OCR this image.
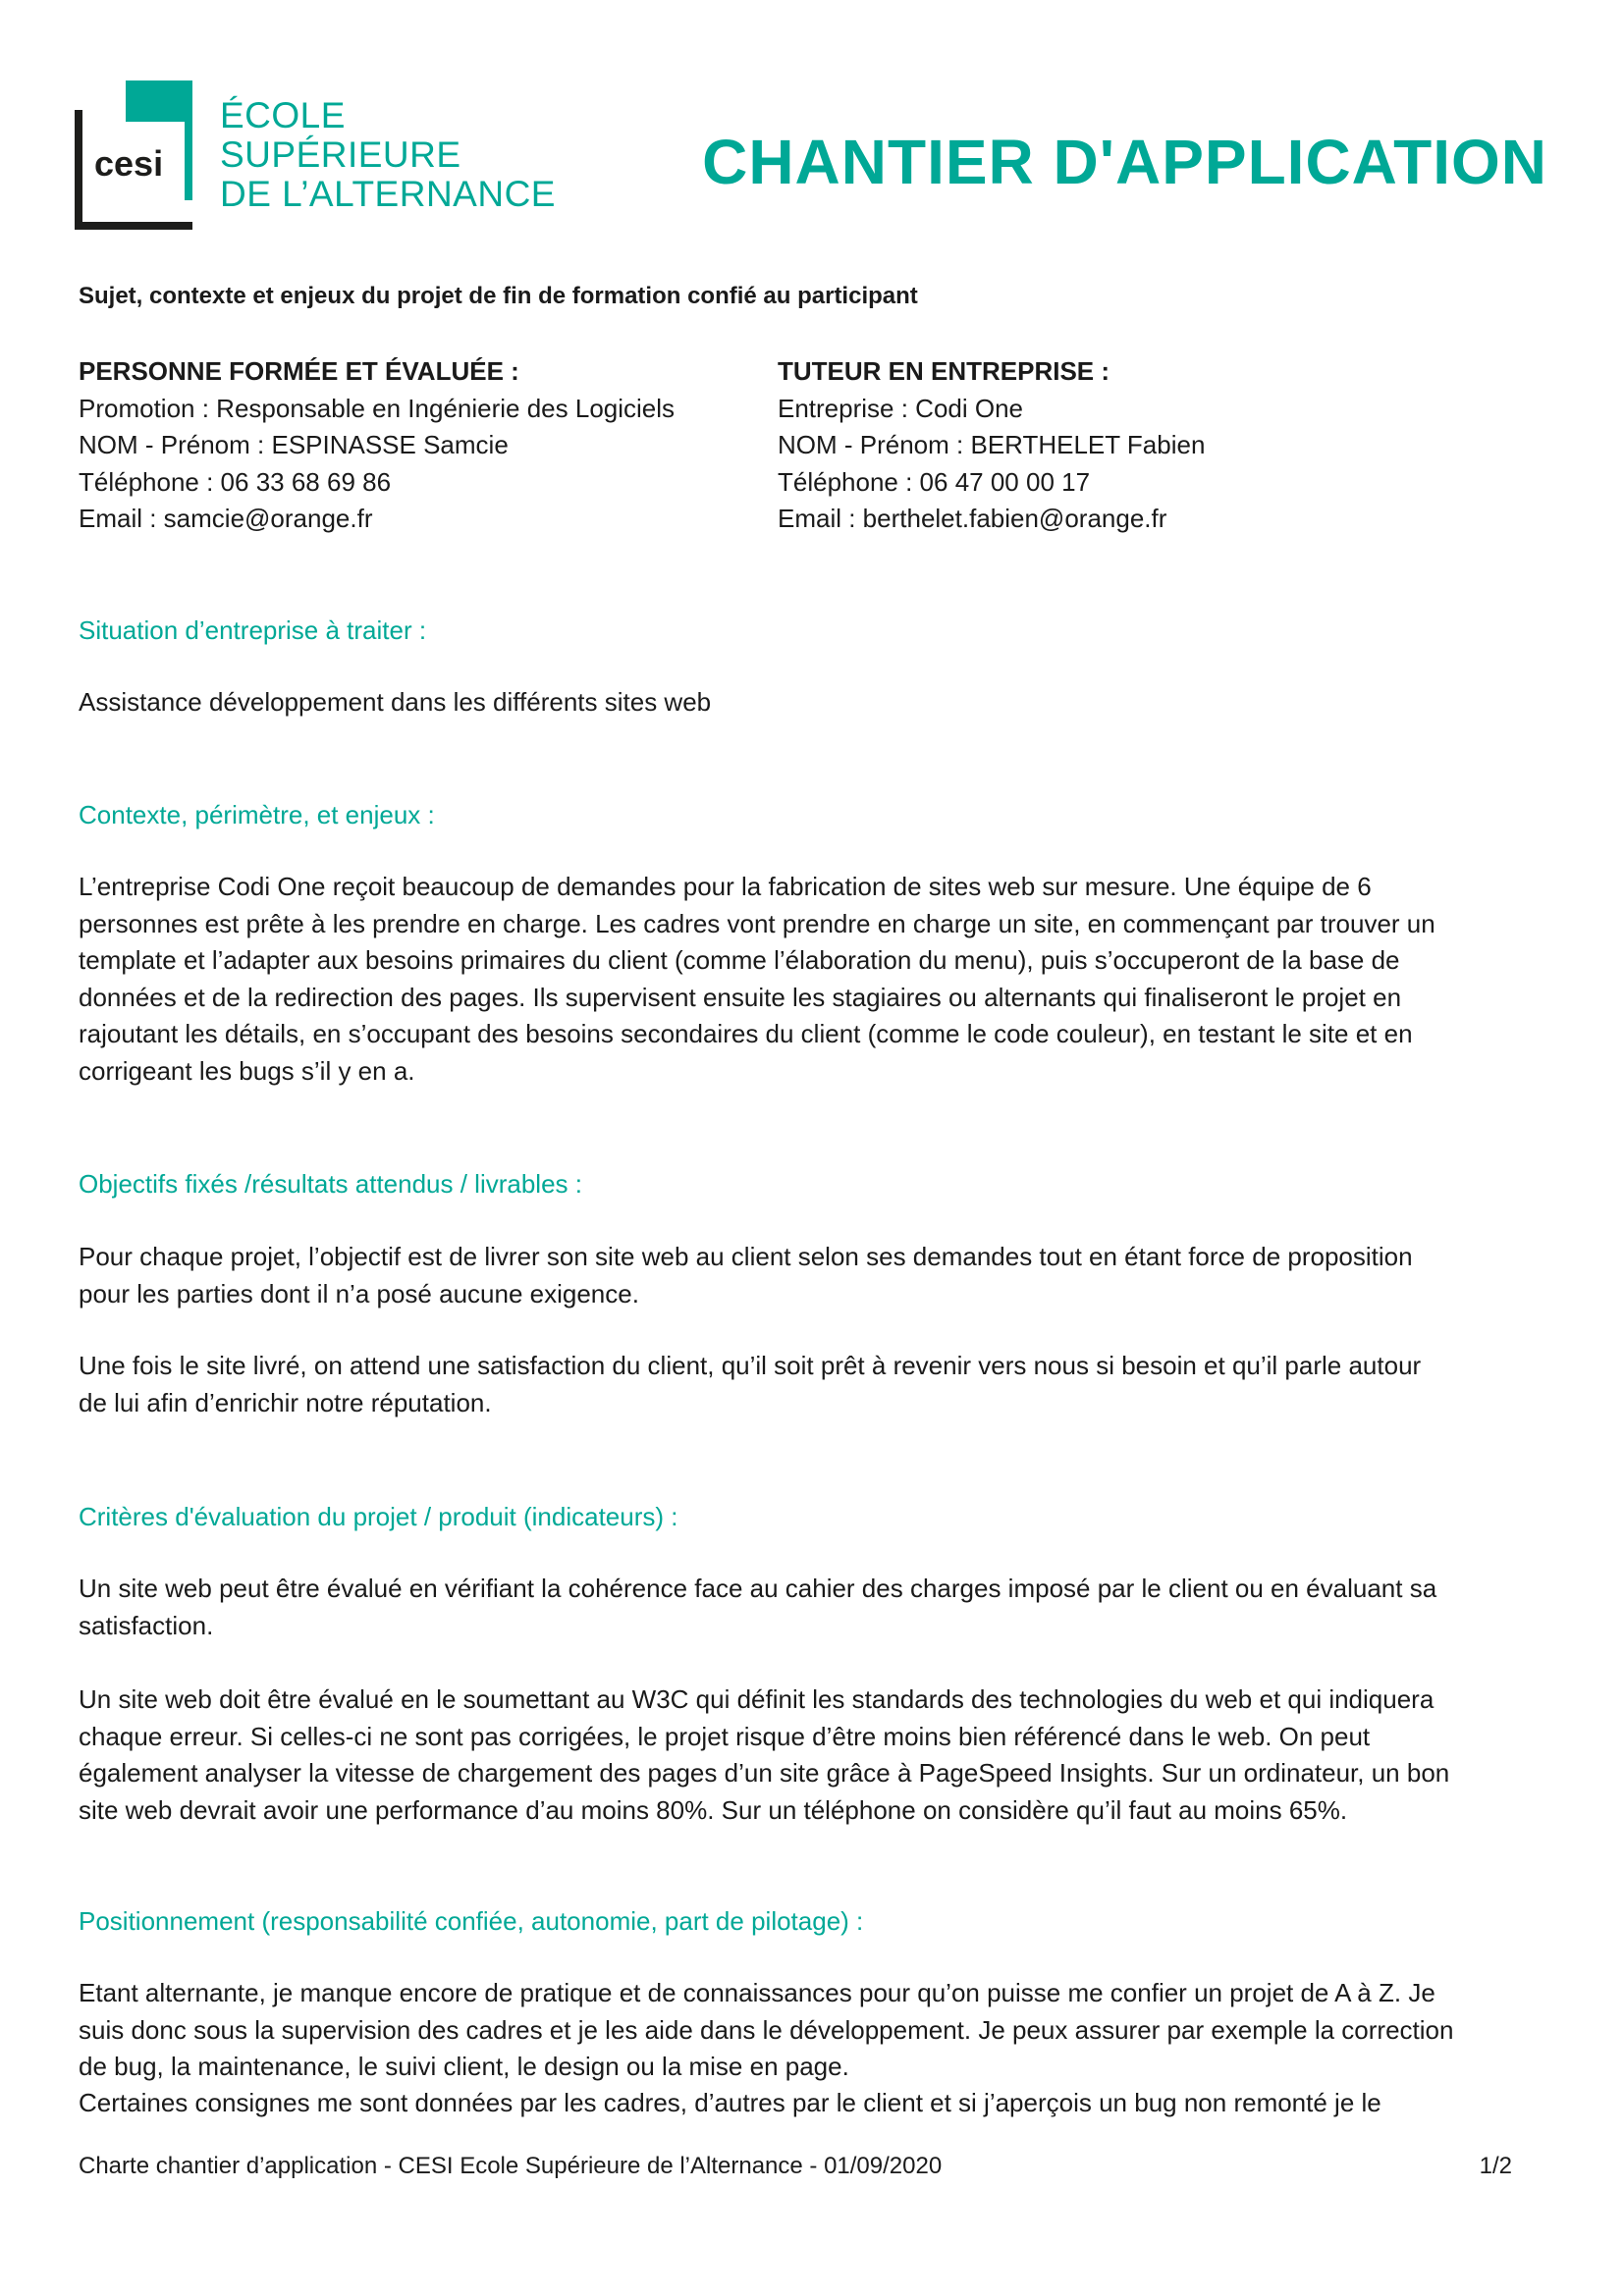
cesi
ÉCOLE SUPÉRIEURE
DE L’ALTERNANCE CHANTIER D'APPLICATION

Sujet, contexte et enjeux du projet de fin de formation confié au participant

PERSONNE FORMÉE ET ÉVALUÉE :
Promotion : Responsable en Ingénierie des Logiciels
NOM - Prénom : ESPINASSE Samcie
Téléphone : 06 33 68 69 86
Email : samcie@orange.fr
TUTEUR EN ENTREPRISE :
Entreprise : Codi One
NOM - Prénom : BERTHELET Fabien
Téléphone : 06 47 00 00 17
Email : berthelet.fabien@orange.fr
Situation d’entreprise à traiter :
Assistance développement dans les différents sites web
Contexte, périmètre, et enjeux :
L’entreprise Codi One reçoit beaucoup de demandes pour la fabrication de sites web sur mesure. Une équipe de 6
personnes est prête à les prendre en charge. Les cadres vont prendre en charge un site, en commençant par trouver un
template et l’adapter aux besoins primaires du client (comme l’élaboration du menu), puis s’occuperont de la base de
données et de la redirection des pages. Ils supervisent ensuite les stagiaires ou alternants qui finaliseront le projet en
rajoutant les détails, en s’occupant des besoins secondaires du client (comme le code couleur), en testant le site et en
corrigeant les bugs s’il y en a.
Objectifs fixés /résultats attendus / livrables :
Pour chaque projet, l’objectif est de livrer son site web au client selon ses demandes tout en étant force de proposition
pour les parties dont il n’a posé aucune exigence.
Une fois le site livré, on attend une satisfaction du client, qu’il soit prêt à revenir vers nous si besoin et qu’il parle autour
de lui afin d’enrichir notre réputation.
Critères d'évaluation du projet / produit (indicateurs) :
Un site web peut être évalué en vérifiant la cohérence face au cahier des charges imposé par le client ou en évaluant sa
satisfaction.
Un site web doit être évalué en le soumettant au W3C qui définit les standards des technologies du web et qui indiquera
chaque erreur. Si celles-ci ne sont pas corrigées, le projet risque d’être moins bien référencé dans le web. On peut
également analyser la vitesse de chargement des pages d’un site grâce à PageSpeed Insights. Sur un ordinateur, un bon
site web devrait avoir une performance d’au moins 80%. Sur un téléphone on considère qu’il faut au moins 65%.
Positionnement (responsabilité confiée, autonomie, part de pilotage) :
Etant alternante, je manque encore de pratique et de connaissances pour qu’on puisse me confier un projet de A à Z. Je
suis donc sous la supervision des cadres et je les aide dans le développement. Je peux assurer par exemple la correction
de bug, la maintenance, le suivi client, le design ou la mise en page.
Certaines consignes me sont données par les cadres, d’autres par le client et si j’aperçois un bug non remonté je le
Charte chantier d’application - CESI Ecole Supérieure de l’Alternance - 01/09/2020	1/2
